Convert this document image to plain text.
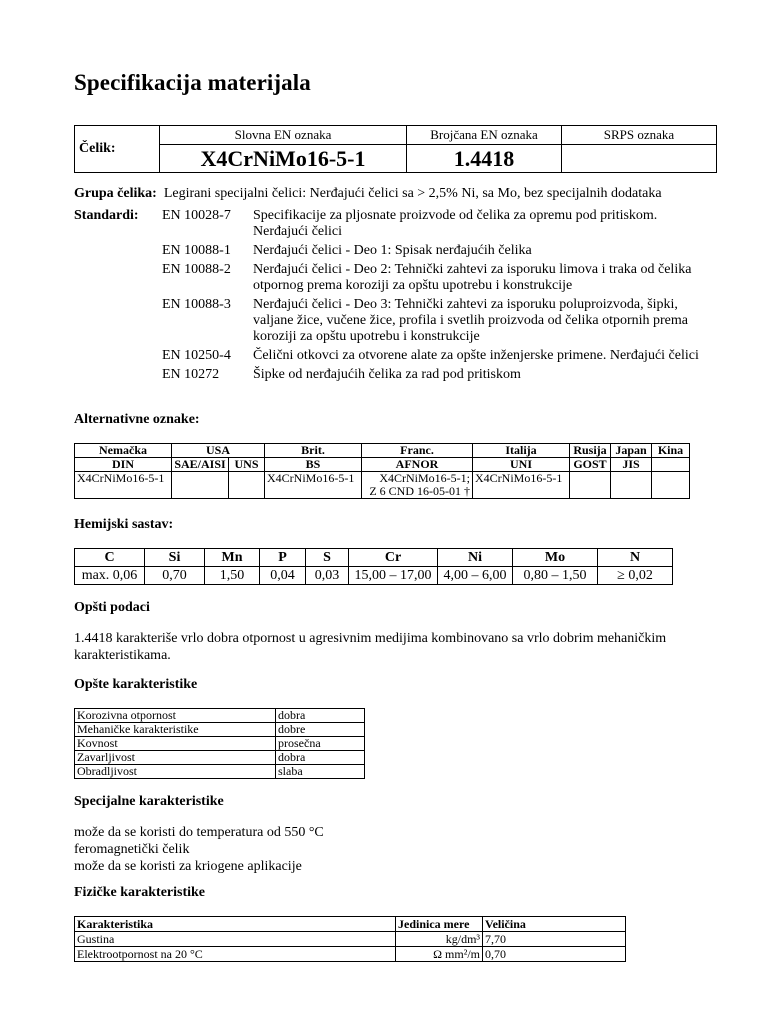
Specifikacija materijala
Čelik:	Slovna EN oznaka	Brojčana EN oznaka	SRPS oznaka
	X4CrNiMo16-5-1	1.4418	
Grupa čelika: Legirani specijalni čelici: Nerđajući čelici sa > 2,5% Ni, sa Mo, bez specijalnih dodataka
Standardi: EN 10028-7 Specifikacije za pljosnate proizvode od čelika za opremu pod pritiskom. Nerđajući čelici
EN 10088-1 Nerđajući čelici - Deo 1: Spisak nerđajućih čelika
EN 10088-2 Nerđajući čelici - Deo 2: Tehnički zahtevi za isporuku limova i traka od čelika otpornog prema koroziji za opštu upotrebu i konstrukcije
EN 10088-3 Nerđajući čelici - Deo 3: Tehnički zahtevi za isporuku poluproizvoda, šipki, valjane žice, vučene žice, profila i svetlih proizvoda od čelika otpornih prema koroziji za opštu upotrebu i konstrukcije
EN 10250-4 Čelični otkovci za otvorene alate za opšte inženjerske primene. Nerđajući čelici
EN 10272 Šipke od nerđajućih čelika za rad pod pritiskom
Alternativne oznake:
Nemačka	USA		Brit.	Franc.	Italija	Rusija	Japan	Kina
DIN	SAE/AISI	UNS	BS	AFNOR	UNI	GOST	JIS	
X4CrNiMo16-5-1			X4CrNiMo16-5-1	X4CrNiMo16-5-1;
Z 6 CND 16-05-01 †	X4CrNiMo16-5-1			
Hemijski sastav:
C	Si	Mn	P	S	Cr	Ni	Mo	N
max. 0,06	0,70	1,50	0,04	0,03	15,00 – 17,00	4,00 – 6,00	0,80 – 1,50	≥ 0,02
Opšti podaci
1.4418 karakteriše vrlo dobra otpornost u agresivnim medijima kombinovano sa vrlo dobrim mehaničkim karakteristikama.
Opšte karakteristike
Korozivna otpornost	dobra
Mehaničke karakteristike	dobre
Kovnost	prosečna
Zavarljivost	dobra
Obradljivost	slaba
Specijalne karakteristike
može da se koristi do temperatura od 550 °C
feromagnetički čelik
može da se koristi za kriogene aplikacije
Fizičke karakteristike
Karakteristika	Jedinica mere	Veličina
Gustina	kg/dm³	7,70
Elektrootpornost na 20 °C	Ω mm²/m	0,70
